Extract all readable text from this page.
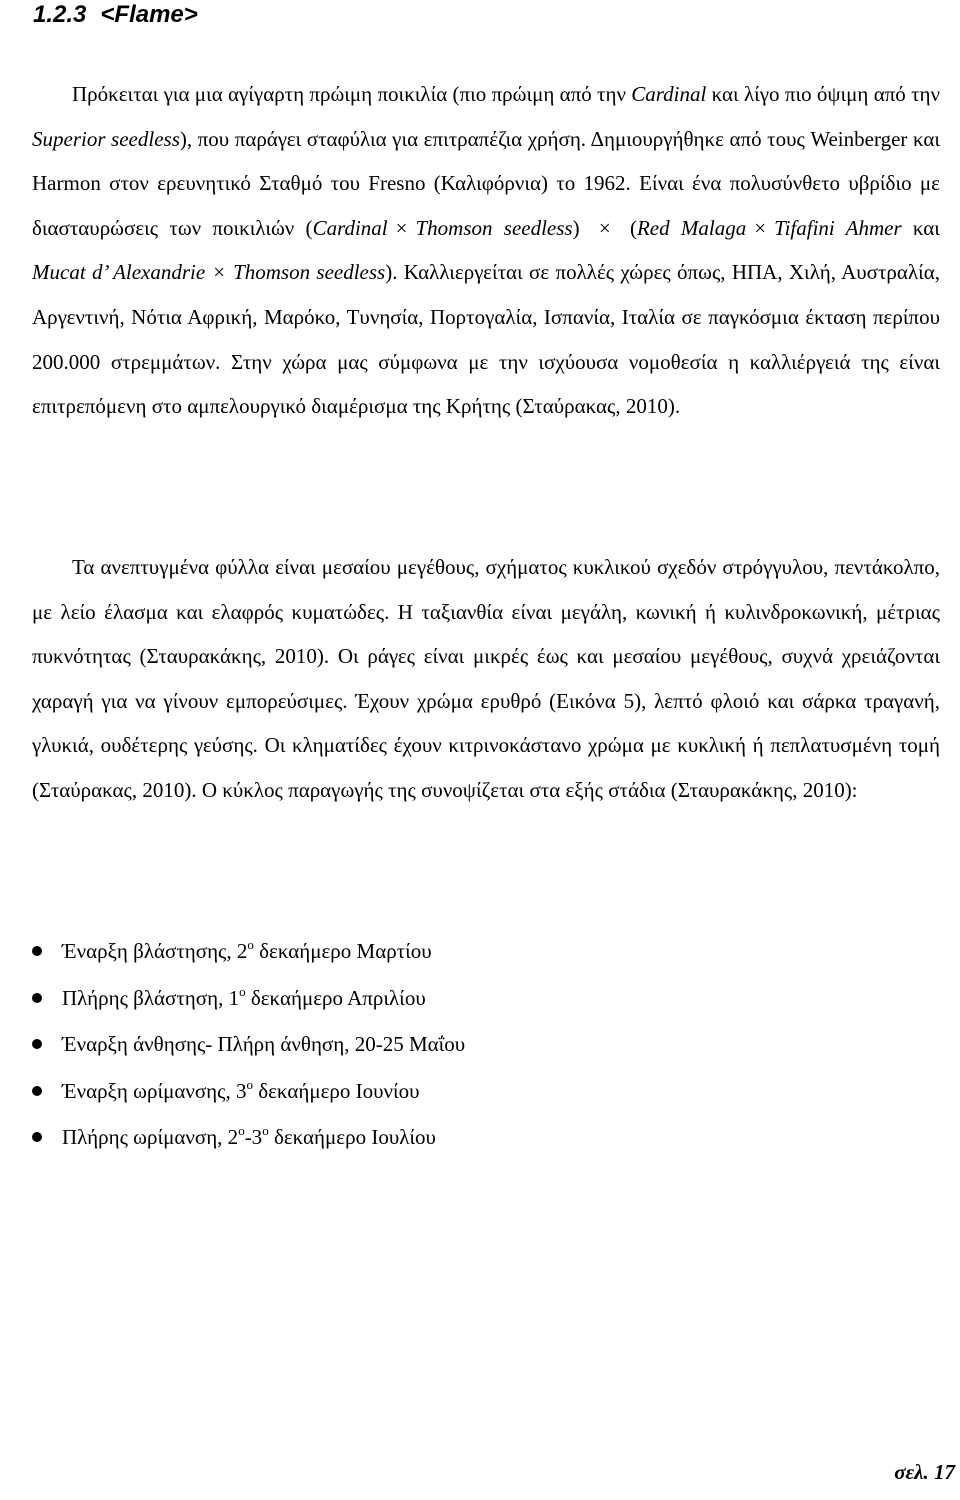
1.2.3 <Flame>

Πρόκειται για μια αγίγαρτη πρώιμη ποικιλία (πιο πρώιμη από την Cardinal και λίγο πιο όψιμη από την Superior seedless), που παράγει σταφύλια για επιτραπέζια χρήση. Δημιουργήθηκε από τους Weinberger και Harmon στον ερευνητικό Σταθμό του Fresno (Καλιφόρνια) το 1962. Είναι ένα πολυσύνθετο υβρίδιο με διασταυρώσεις των ποικιλιών (Cardinal × Thomson seedless) × (Red Malaga × Tifafini Ahmer και Mucat d’ Alexandrie × Thomson seedless). Καλλιεργείται σε πολλές χώρες όπως, ΗΠΑ, Χιλή, Αυστραλία, Αργεντινή, Νότια Αφρική, Μαρόκο, Τυνησία, Πορτογαλία, Ισπανία, Ιταλία σε παγκόσμια έκταση περίπου 200.000 στρεμμάτων. Στην χώρα μας σύμφωνα με την ισχύουσα νομοθεσία η καλλιέργειά της είναι επιτρεπόμενη στο αμπελουργικό διαμέρισμα της Κρήτης (Σταύρακας, 2010).

Τα ανεπτυγμένα φύλλα είναι μεσαίου μεγέθους, σχήματος κυκλικού σχεδόν στρόγγυλου, πεντάκολπο, με λείο έλασμα και ελαφρός κυματώδες. Η ταξιανθία είναι μεγάλη, κωνική ή κυλινδροκωνική, μέτριας πυκνότητας (Σταυρακάκης, 2010). Οι ράγες είναι μικρές έως και μεσαίου μεγέθους, συχνά χρειάζονται χαραγή για να γίνουν εμπορεύσιμες. Έχουν χρώμα ερυθρό (Εικόνα 5), λεπτό φλοιό και σάρκα τραγανή, γλυκιά, ουδέτερης γεύσης. Οι κληματίδες έχουν κιτρινοκάστανο χρώμα με κυκλική ή πεπλατυσμένη τομή (Σταύρακας, 2010). Ο κύκλος παραγωγής της συνοψίζεται στα εξής στάδια (Σταυρακάκης, 2010):

Έναρξη βλάστησης, $2^o$ δεκαήμερο Μαρτίου
Πλήρης βλάστηση, $1^o$ δεκαήμερο Απριλίου
Έναρξη άνθησης- Πλήρη άνθηση, 20-25 Μαΐου
Έναρξη ωρίμανσης, $3^o$ δεκαήμερο Ιουνίου
Πλήρης ωρίμανση, $2^o-3^o$ δεκαήμερο Ιουλίου
σελ. 17
